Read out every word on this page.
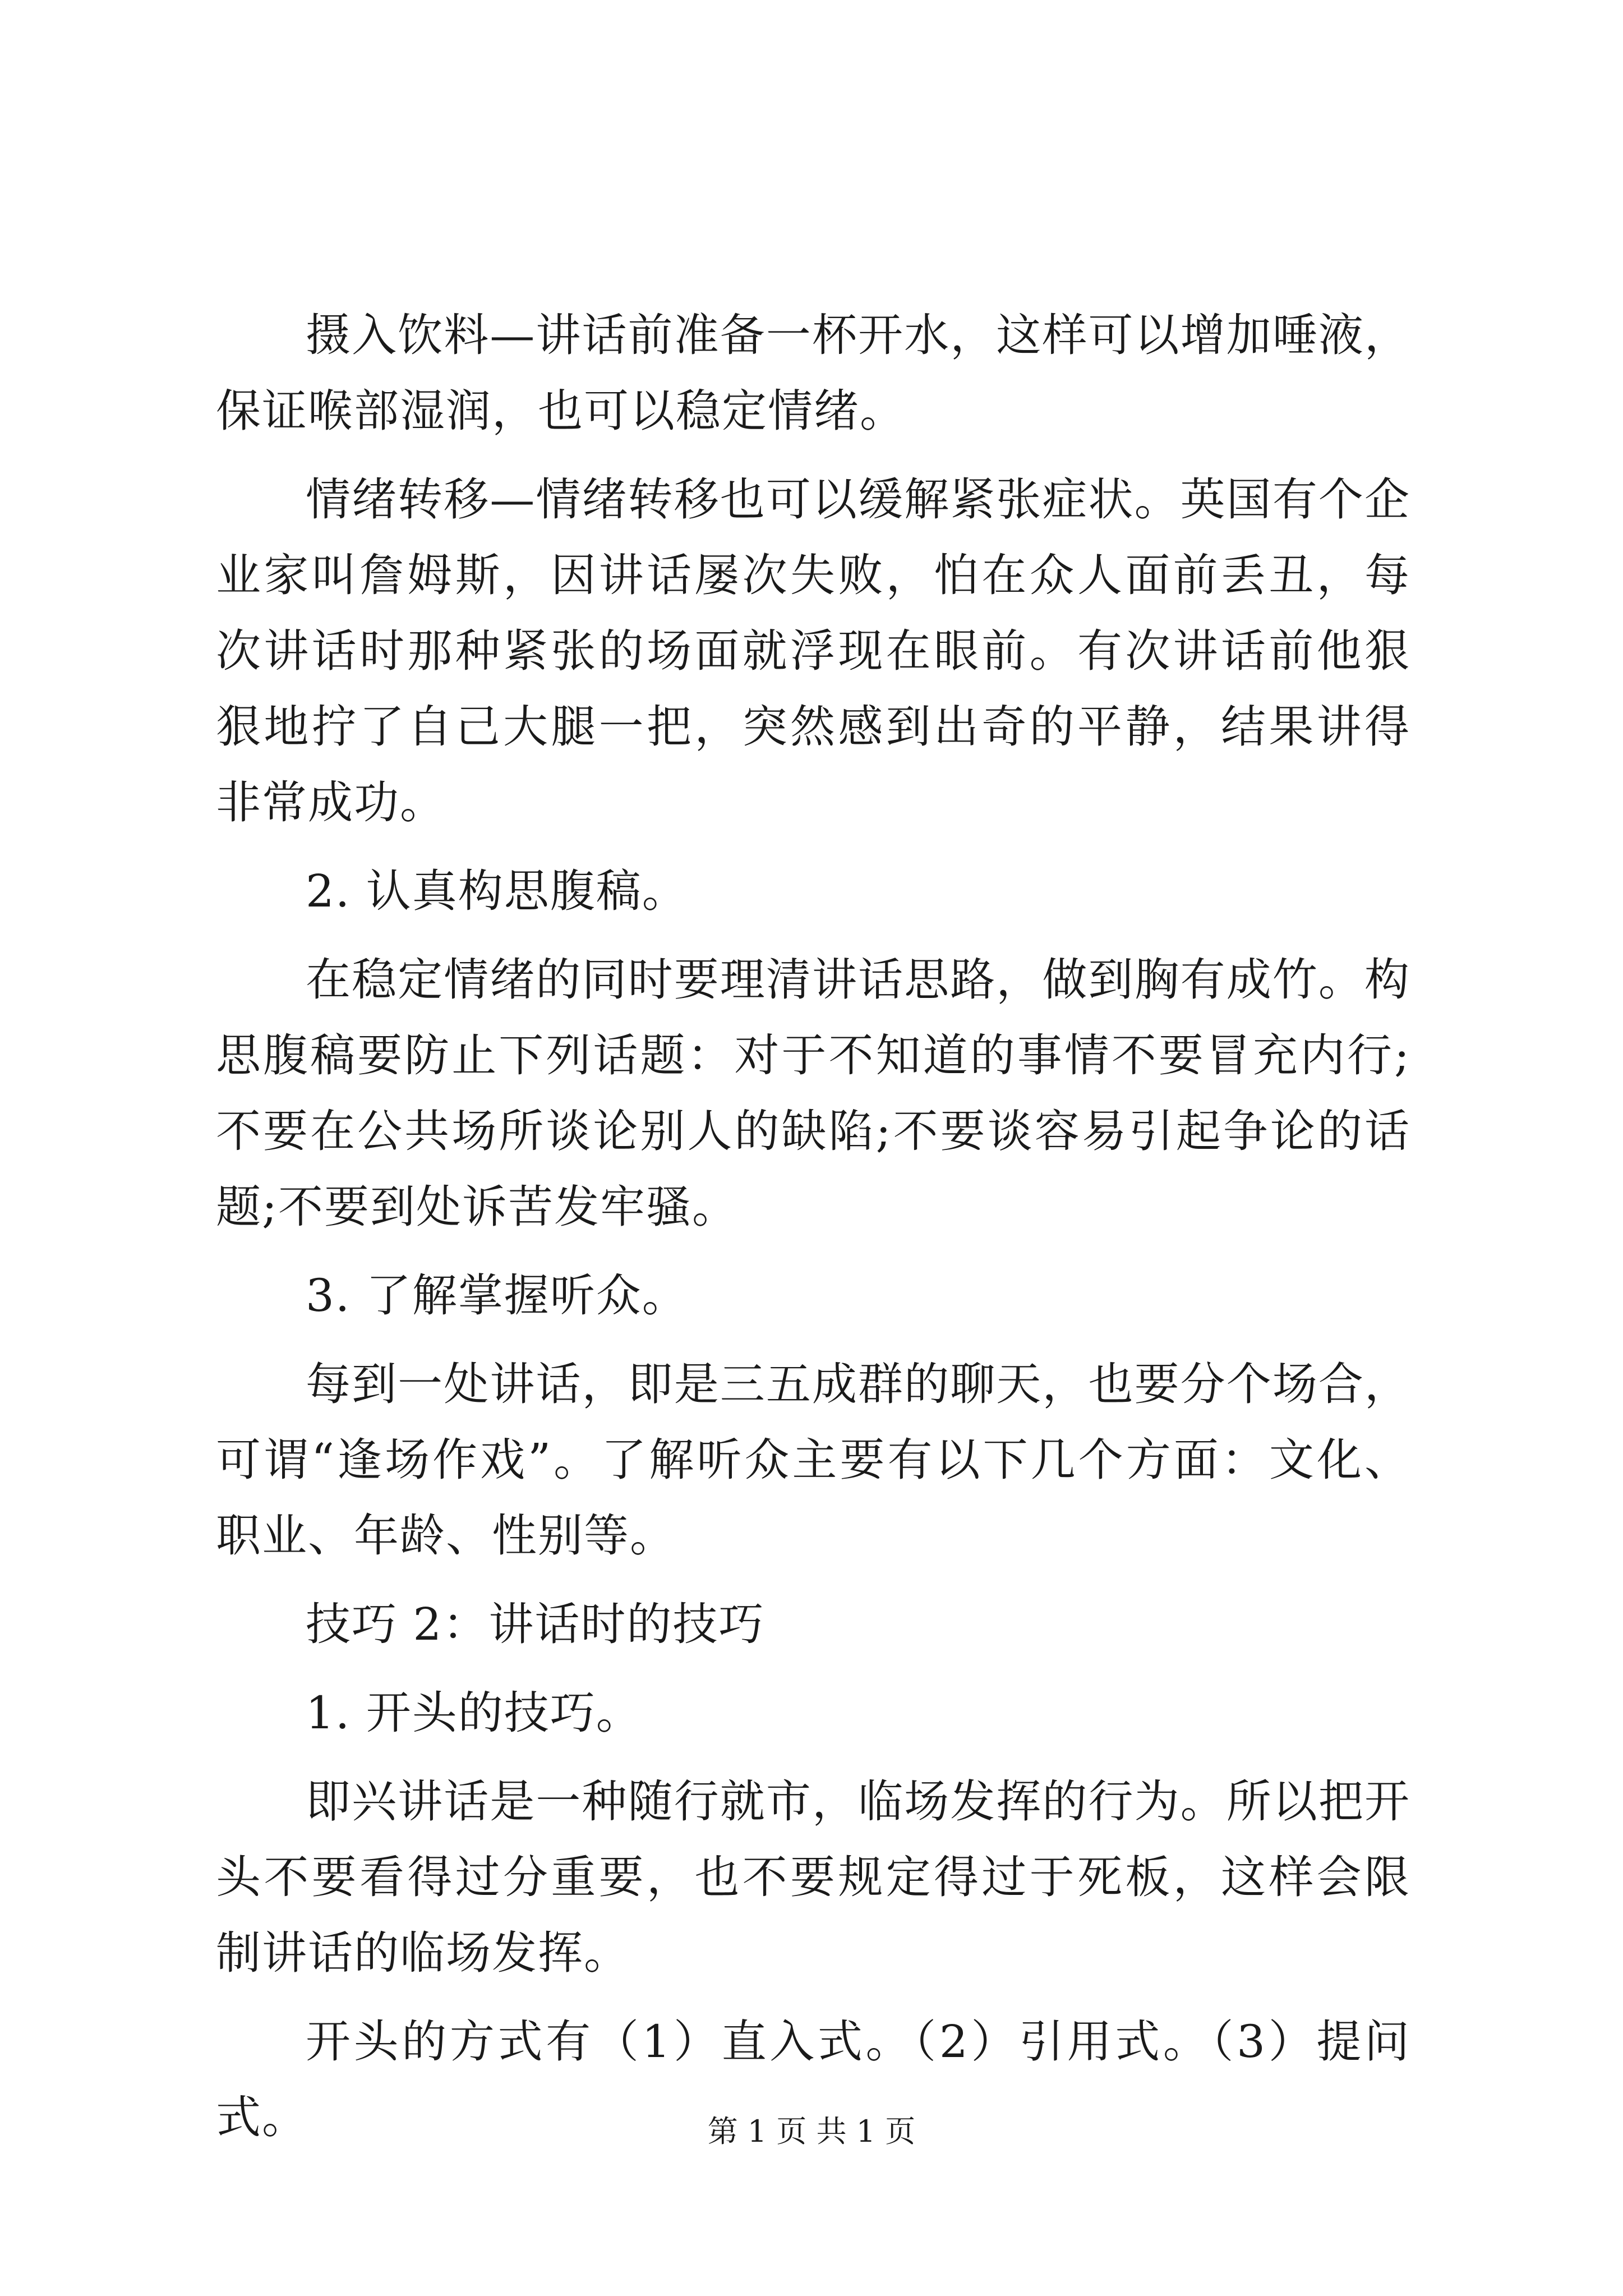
摄入饮料—讲话前准备一杯开水，这样可以增加唾液，保证喉部湿润，也可以稳定情绪。

情绪转移—情绪转移也可以缓解紧张症状。英国有个企业家叫詹姆斯，因讲话屡次失败，怕在众人面前丢丑，每次讲话时那种紧张的场面就浮现在眼前。有次讲话前他狠狠地拧了自己大腿一把，突然感到出奇的平静，结果讲得非常成功。

2. 认真构思腹稿。

在稳定情绪的同时要理清讲话思路，做到胸有成竹。构思腹稿要防止下列话题：对于不知道的事情不要冒充内行;不要在公共场所谈论别人的缺陷;不要谈容易引起争论的话题;不要到处诉苦发牢骚。

3. 了解掌握听众。

每到一处讲话，即是三五成群的聊天，也要分个场合，可谓“逢场作戏”。了解听众主要有以下几个方面：文化、职业、年龄、性别等。

技巧 2：讲话时的技巧

1. 开头的技巧。

即兴讲话是一种随行就市，临场发挥的行为。所以把开头不要看得过分重要，也不要规定得过于死板，这样会限制讲话的临场发挥。

开头的方式有（1）直入式。（2）引用式。（3）提问式。	第 1 页 共 1 页
